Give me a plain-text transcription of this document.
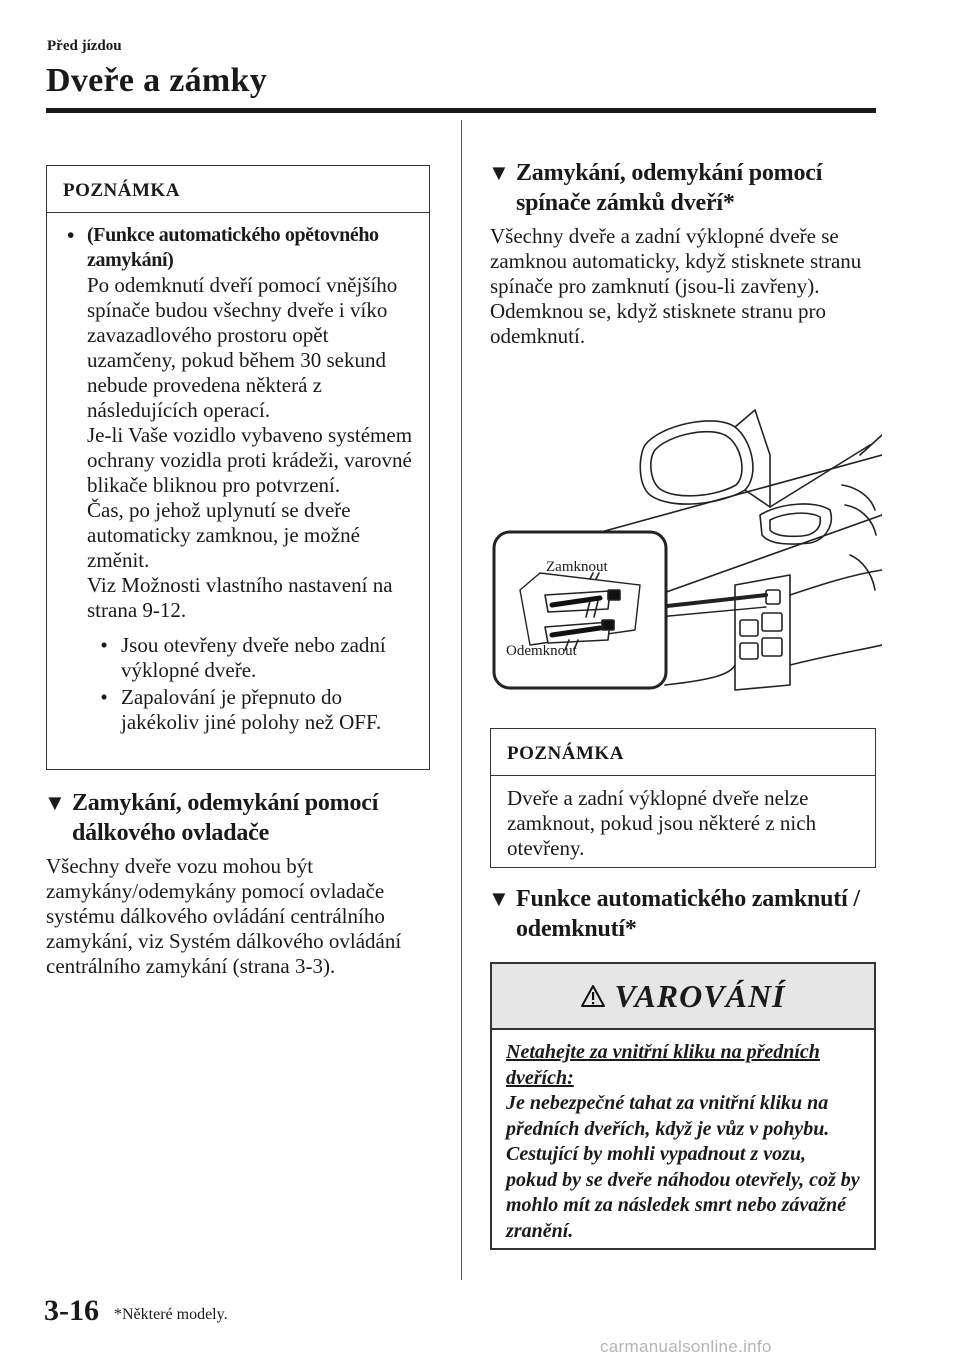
Před jízdou
Dveře a zámky
POZNÁMKA
• (Funkce automatického opětovného zamykání)
Po odemknutí dveří pomocí vnějšího spínače budou všechny dveře i víko zavazadlového prostoru opět uzamčeny, pokud během 30 sekund nebude provedena některá z následujících operací.
Je-li Vaše vozidlo vybaveno systémem ochrany vozidla proti krádeži, varovné blikače bliknou pro potvrzení.
Čas, po jehož uplynutí se dveře automaticky zamknou, je možné změnit.
Viz Možnosti vlastního nastavení na strana 9-12.
• Jsou otevřeny dveře nebo zadní výklopné dveře.
• Zapalování je přepnuto do jakékoliv jiné polohy než OFF.
▼ Zamykání, odemykání pomocí dálkového ovladače
Všechny dveře vozu mohou být zamykány/odemykány pomocí ovladače systému dálkového ovládání centrálního zamykání, viz Systém dálkového ovládání centrálního zamykání (strana 3-3).
▼ Zamykání, odemykání pomocí spínače zámků dveří*
Všechny dveře a zadní výklopné dveře se zamknou automaticky, když stisknete stranu spínače pro zamknutí (jsou-li zavřeny).
Odemknou se, když stisknete stranu pro odemknutí.
Zamknout
Odemknout
POZNÁMKA
Dveře a zadní výklopné dveře nelze zamknout, pokud jsou některé z nich otevřeny.
▼ Funkce automatického zamknutí / odemknutí*
VAROVÁNÍ
Netahejte za vnitřní kliku na předních dveřích:
Je nebezpečné tahat za vnitřní kliku na předních dveřích, když je vůz v pohybu. Cestující by mohli vypadnout z vozu, pokud by se dveře náhodou otevřely, což by mohlo mít za následek smrt nebo závažné zranění.
3-16 *Některé modely.
carmanualsonline.info
